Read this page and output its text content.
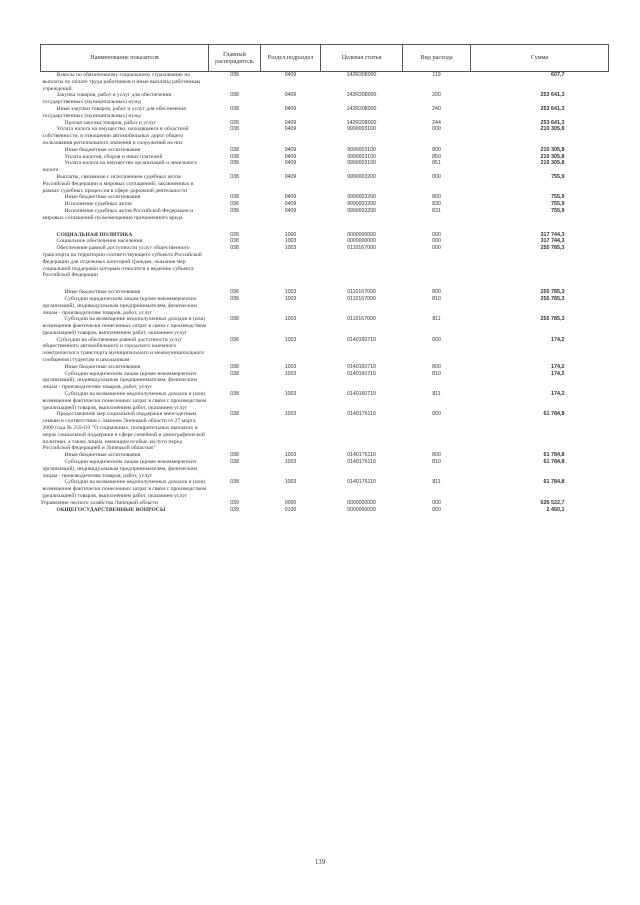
Наименование показателя	Главный распорядитель	Раздел,подраздел	Целевая статья	Вид расхода	Сумма
Взносы по обязательному социальному страхованию на выплаты по оплате труда работников и иные выплаты работникам учреждений	038	0409	142R208000	119	607,7
Закупка товаров, работ и услуг для обеспечения государственных (муниципальных) нужд	038	0409	142R208000	200	253 641,3
Иные закупки товаров, работ и услуг для обеспечения государственных (муниципальных) нужд	038	0409	142R208000	240	253 641,3
Прочая закупка товаров, работ и услуг	038	0409	142R208000	244	253 641,3
Уплата налога на имущество, находящееся в областной собственности, в отношении автомобильных дорог общего пользования регионального значения и сооружений на них	038	0409	9990003100	000	210 305,8
Иные бюджетные ассигнования	038	0409	9990003100	800	210 305,8
Уплата налогов, сборов и иных платежей	038	0409	9990003100	850	210 305,8
Уплата налога на имущество организаций и земельного налога	038	0409	9990003100	851	210 305,8
Выплаты, связанные с исполнением судебных актов Российской Федерации и мировых соглашений, заключенных в рамках судебных процессов в сфере дорожной деятельности	038	0409	9990003200	000	755,9
Иные бюджетные ассигнования	038	0409	9990003200	800	755,9
Исполнение судебных актов	038	0409	9990003200	830	755,9
Исполнение судебных актов Российской Федерации и мировых соглашений по возмещению причиненного вреда	038	0409	9990003200	831	755,9

СОЦИАЛЬНАЯ ПОЛИТИКА	038	1000	0000000000	000	317 744,3
Социальное обеспечение населения	038	1003	0000000000	000	317 744,3
Обеспечение равной доступности услуг общественного транспорта на территории соответствующего субъекта Российской Федерации для отдельных категорий граждан, оказание мер социальной поддержки которым относится к ведению субъекта Российской Федерации	038	1003	0110167000	000	255 785,3

Иные бюджетные ассигнования	038	1003	0110167000	800	255 785,3
Субсидии юридическим лицам (кроме некоммерческих организаций), индивидуальным предпринимателям, физическим лицам - производителям товаров, работ, услуг	038	1003	0110167000	810	255 785,3
Субсидии на возмещение недополученных доходов и (или) возмещение фактически понесенных затрат в связи с производством (реализацией) товаров, выполнением работ, оказанием услуг	038	1003	0110167000	811	255 785,3
Субсидии на обеспечение равной доступности услуг общественного автомобильного и городского наземного электрического транспорта муниципального и межмуниципального сообщения студентам и школьникам	038	1003	0140160710	000	174,2
Иные бюджетные ассигнования	038	1003	0140160710	800	174,2
Субсидии юридическим лицам (кроме некоммерческих организаций), индивидуальным предпринимателям, физическим лицам - производителям товаров, работ, услуг	038	1003	0140160710	810	174,2
Субсидии на возмещение недополученных доходов и (или) возмещение фактически понесенных затрат в связи с производством (реализацией) товаров, выполнением работ, оказанием услуг	038	1003	0140160710	811	174,2
Предоставление мер социальной поддержки многодетным семьям в соответствии с Законом Липецкой области от 27 марта 2009 года № 259-ОЗ "О социальных, поощрительных выплатах и мерах социальной поддержки в сфере семейной и демографической политики, а также лицам, имеющим особые заслуги перед Российской Федерацией и Липецкой областью"	038	1003	0140176110	000	61 784,8
Иные бюджетные ассигнования	038	1003	0140176110	800	61 784,8
Субсидии юридическим лицам (кроме некоммерческих организаций), индивидуальным предпринимателям, физическим лицам - производителям товаров, работ, услуг	038	1003	0140176110	810	61 784,8
Субсидии на возмещение недополученных доходов и (или) возмещение фактически понесенных затрат в связи с производством (реализацией) товаров, выполнением работ, оказанием услуг	038	1003	0140176110	811	61 784,8
Управление лесного хозяйства Липецкой области	039	0000	0000000000	000	626 522,7
ОБЩЕГОСУДАРСТВЕННЫЕ ВОПРОСЫ	039	0100	0000000000	000	2 450,1
139
